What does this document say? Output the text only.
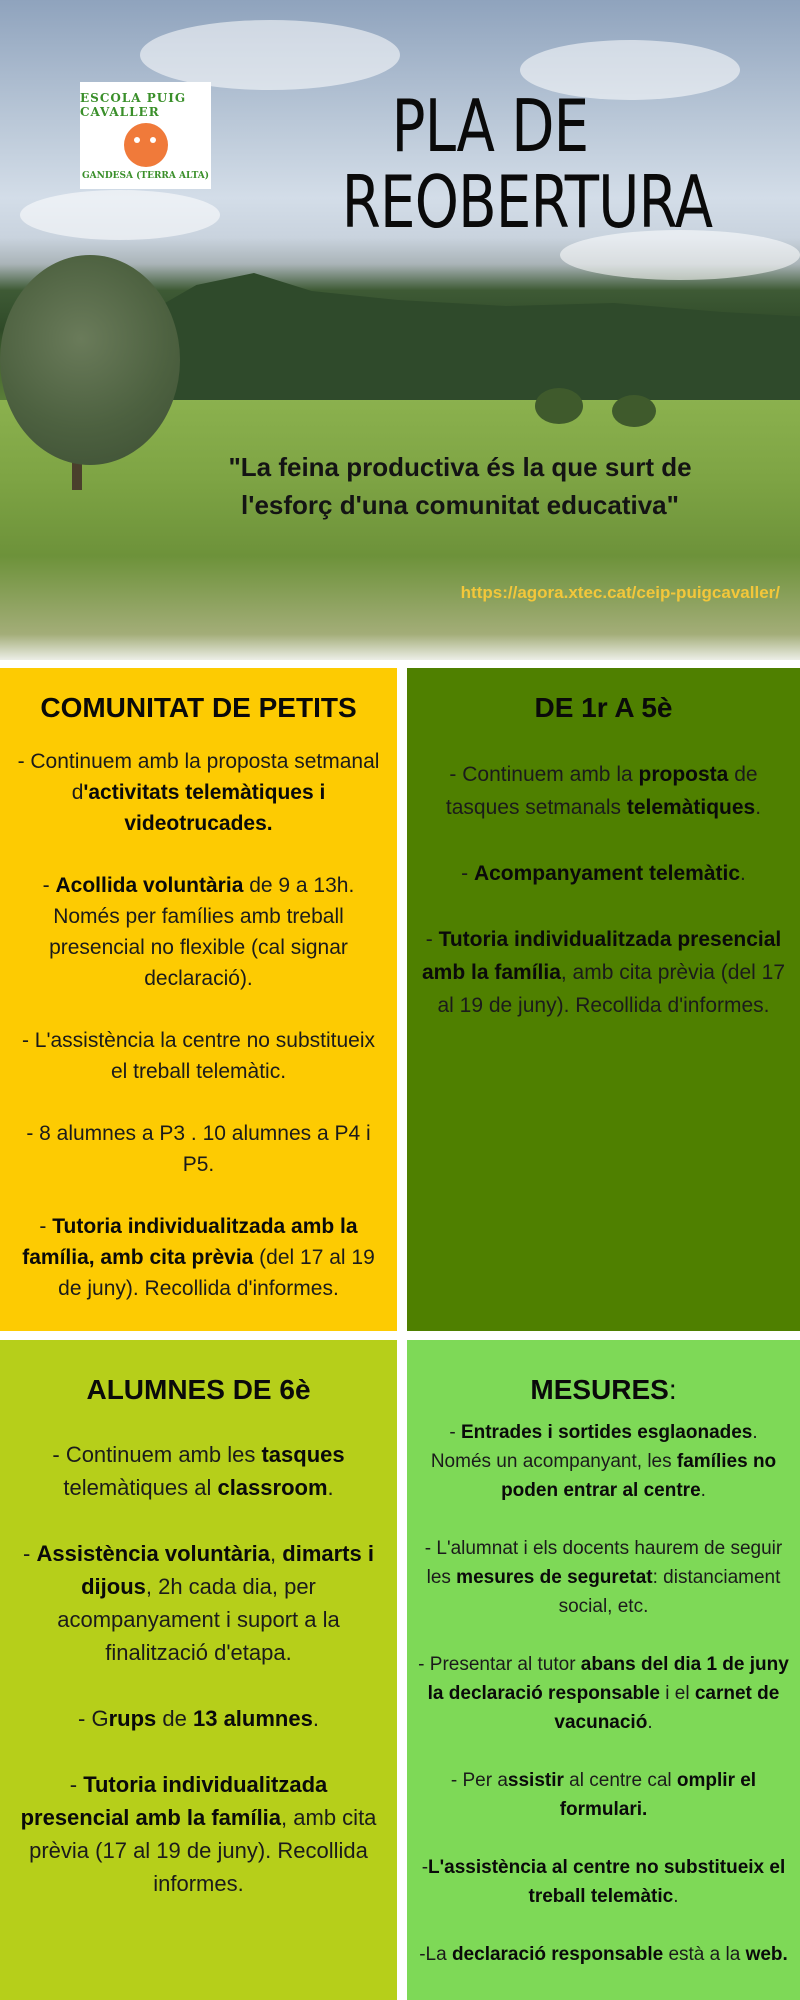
ESCOLA PUIG CAVALLER
GANDESA (TERRA ALTA)
PLA DE
REOBERTURA
"La feina productiva és la que surt de
l'esforç d'una comunitat educativa"
https://agora.xtec.cat/ceip-puigcavaller/
COMUNITAT DE PETITS

- Continuem amb la proposta setmanal d'activitats telemàtiques i videotrucades.

- Acollida voluntària de 9 a 13h. Només per famílies amb treball presencial no flexible (cal signar declaració).

- L'assistència la centre no substitueix el treball telemàtic.

- 8 alumnes a P3 . 10 alumnes a P4 i P5.

- Tutoria individualitzada amb la família, amb cita prèvia (del 17 al 19 de juny). Recollida d'informes.

DE 1r A 5è

- Continuem amb la proposta de tasques setmanals telemàtiques.

- Acompanyament telemàtic.

- Tutoria individualitzada presencial amb la família, amb cita prèvia (del 17 al 19 de juny). Recollida d'informes.

ALUMNES DE 6è

- Continuem amb les tasques telemàtiques al classroom.

- Assistència voluntària, dimarts i dijous, 2h cada dia, per acompanyament i suport a la finalització d'etapa.

- Grups de 13 alumnes.

- Tutoria individualitzada presencial amb la família, amb cita prèvia (17 al 19 de juny). Recollida informes.

MESURES:

- Entrades i sortides esglaonades. Només un acompanyant, les famílies no poden entrar al centre.

- L'alumnat i els docents haurem de seguir les mesures de seguretat: distanciament social, etc.

- Presentar al tutor abans del dia 1 de juny la declaració responsable i el carnet de vacunació.

- Per assistir al centre cal omplir el formulari.

-L'assistència al centre no substitueix el treball telemàtic.

-La declaració responsable està a la web.
